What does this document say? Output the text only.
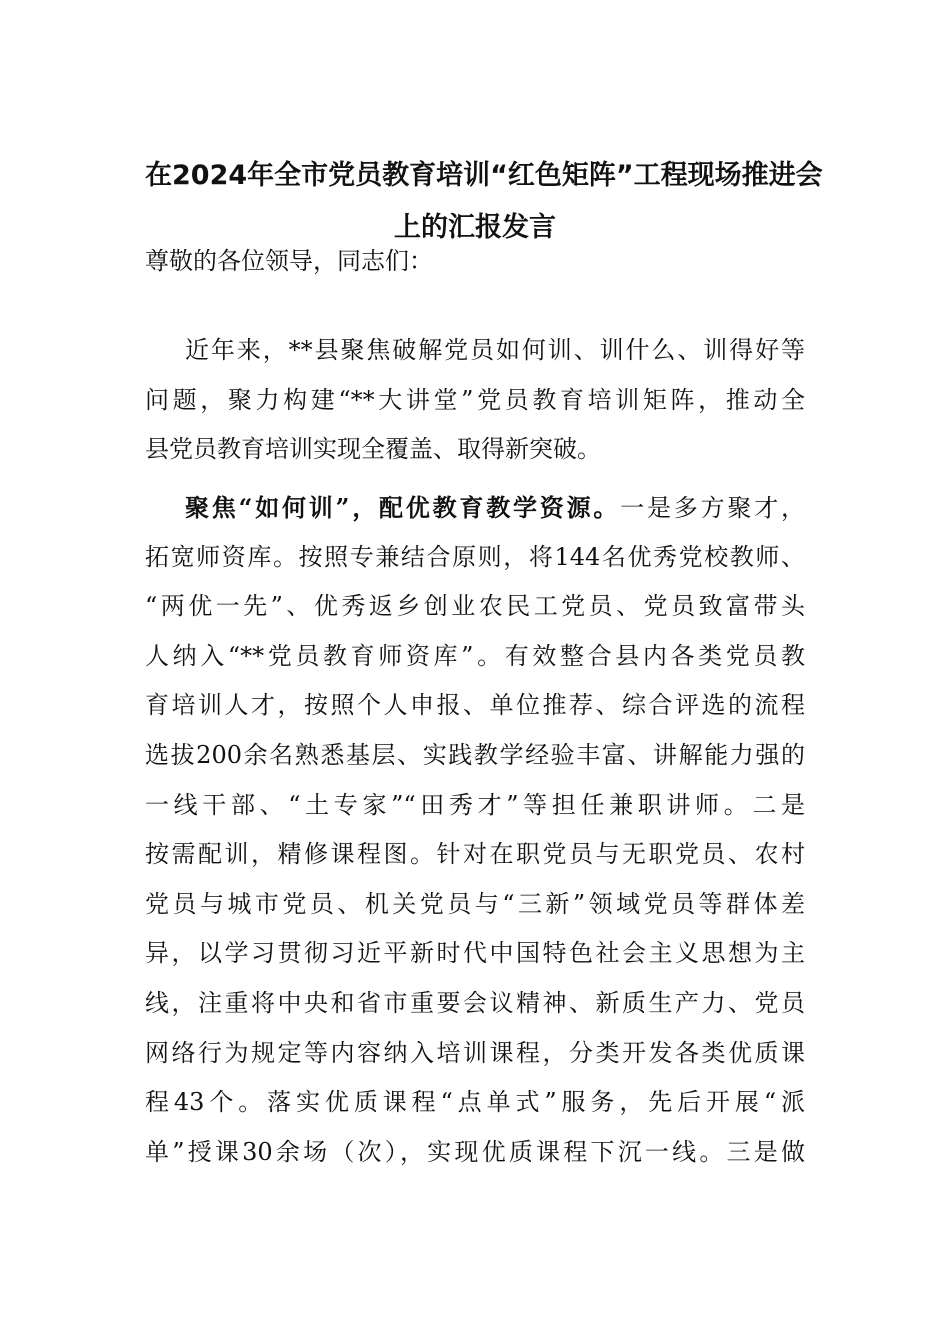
在2024年全市党员教育培训“红色矩阵”工程现场推进会
上的汇报发言
尊敬的各位领导，同志们：
近年来，**县聚焦破解党员如何训、训什么、训得好等
问题，聚力构建“**大讲堂”党员教育培训矩阵，推动全
县党员教育培训实现全覆盖、取得新突破。
聚焦“如何训”，配优教育教学资源。一是多方聚才，
拓宽师资库。按照专兼结合原则，将144名优秀党校教师、
“两优一先”、优秀返乡创业农民工党员、党员致富带头
人纳入“**党员教育师资库”。有效整合县内各类党员教
育培训人才，按照个人申报、单位推荐、综合评选的流程
选拔200余名熟悉基层、实践教学经验丰富、讲解能力强的
一线干部、“土专家”“田秀才”等担任兼职讲师。二是
按需配训，精修课程图。针对在职党员与无职党员、农村
党员与城市党员、机关党员与“三新”领域党员等群体差
异，以学习贯彻习近平新时代中国特色社会主义思想为主
线，注重将中央和省市重要会议精神、新质生产力、党员
网络行为规定等内容纳入培训课程，分类开发各类优质课
程43个。落实优质课程“点单式”服务，先后开展“派
单”授课30余场（次），实现优质课程下沉一线。三是做
